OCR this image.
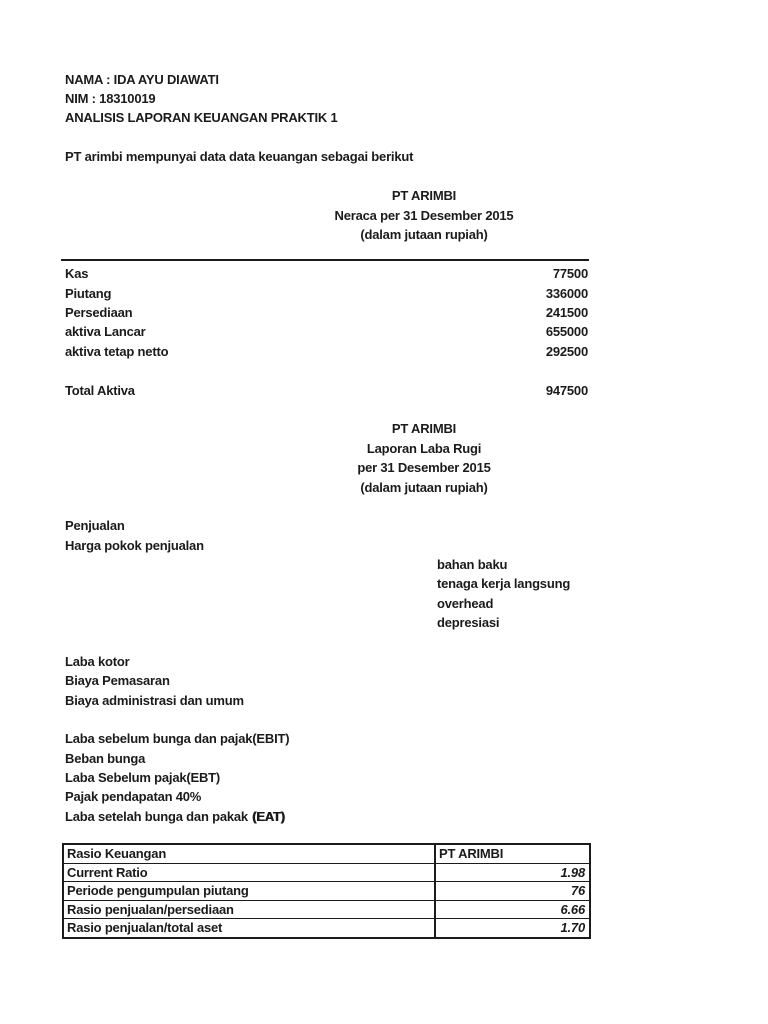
NAMA : IDA AYU DIAWATI
NIM : 18310019
ANALISIS LAPORAN KEUANGAN PRAKTIK 1
PT arimbi mempunyai data data keuangan sebagai berikut
PT ARIMBI
Neraca per 31 Desember 2015
(dalam jutaan rupiah)
Kas	77500
Piutang	336000
Persediaan	241500
aktiva Lancar	655000
aktiva tetap netto	292500
Total Aktiva	947500
PT ARIMBI
Laporan Laba Rugi
per 31 Desember 2015
(dalam jutaan rupiah)
Penjualan
Harga pokok penjualan
bahan baku
tenaga kerja langsung
overhead
depresiasi
Laba kotor
Biaya Pemasaran
Biaya administrasi dan umum
Laba sebelum bunga dan pajak(EBIT)
Beban bunga
Laba Sebelum pajak(EBT)
Pajak pendapatan 40%
Laba setelah bunga dan pakak (EAT)
Rasio Keuangan	PT ARIMBI
Current Ratio	1.98
Periode pengumpulan piutang	76
Rasio penjualan/persediaan	6.66
Rasio penjualan/total aset	1.70
